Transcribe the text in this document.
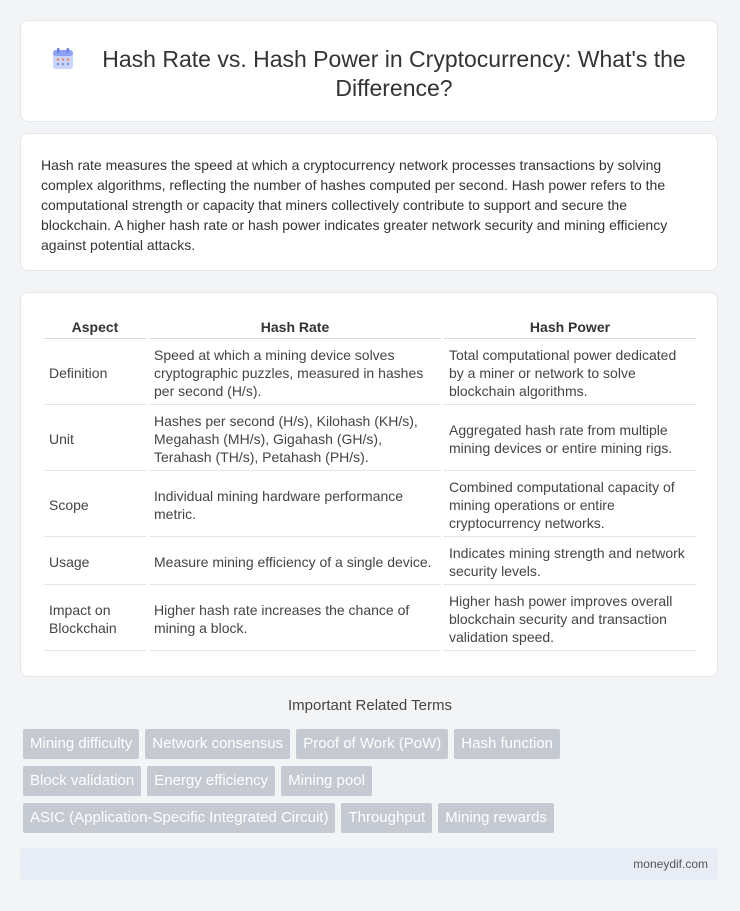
Hash Rate vs. Hash Power in Cryptocurrency: What's the Difference?
Hash rate measures the speed at which a cryptocurrency network processes transactions by solving complex algorithms, reflecting the number of hashes computed per second. Hash power refers to the computational strength or capacity that miners collectively contribute to support and secure the blockchain. A higher hash rate or hash power indicates greater network security and mining efficiency against potential attacks.
Aspect	Hash Rate	Hash Power
Definition	Speed at which a mining device solves cryptographic puzzles, measured in hashes per second (H/s).	Total computational power dedicated by a miner or network to solve blockchain algorithms.
Unit	Hashes per second (H/s), Kilohash (KH/s), Megahash (MH/s), Gigahash (GH/s), Terahash (TH/s), Petahash (PH/s).	Aggregated hash rate from multiple mining devices or entire mining rigs.
Scope	Individual mining hardware performance metric.	Combined computational capacity of mining operations or entire cryptocurrency networks.
Usage	Measure mining efficiency of a single device.	Indicates mining strength and network security levels.
Impact on Blockchain	Higher hash rate increases the chance of mining a block.	Higher hash power improves overall blockchain security and transaction validation speed.
Important Related Terms
Mining difficulty	Network consensus	Proof of Work (PoW)	Hash function
Block validation	Energy efficiency	Mining pool
ASIC (Application-Specific Integrated Circuit)	Throughput	Mining rewards
moneydif.com
